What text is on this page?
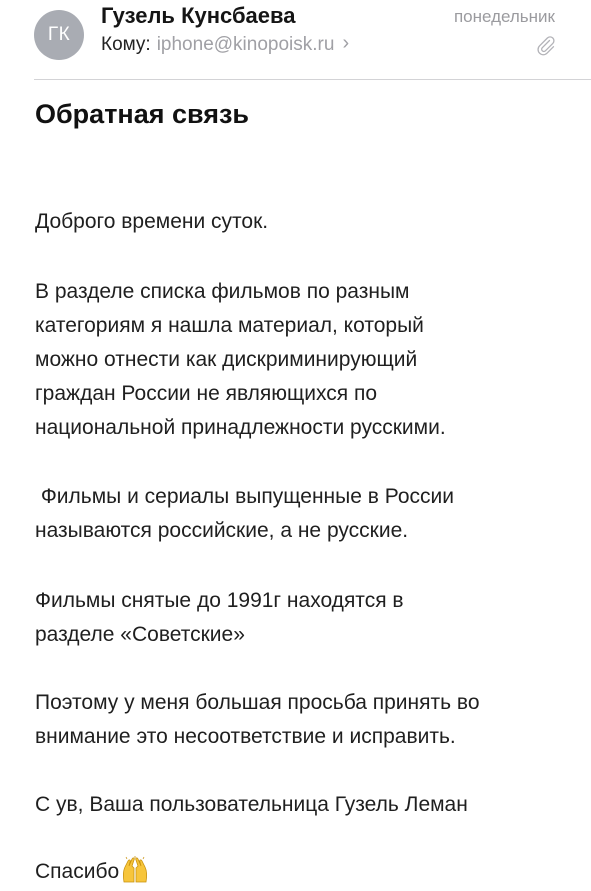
ГК
Гузель Кунсбаева	понедельник
Кому: iphone@kinopoisk.ru ›
Обратная связь
Доброго времени суток.
В разделе списка фильмов по разным
категориям я нашла материал, который
можно отнести как дискриминирующий
граждан России не являющихся по
национальной принадлежности русскими.
Фильмы и сериалы выпущенные в России
называются российские, а не русские.
Фильмы снятые до 1991г находятся в
разделе «Советские»
Поэтому у меня большая просьба принять во
внимание это несоответствие и исправить.
С ув, Ваша пользовательница Гузель Леман
Спасибо
